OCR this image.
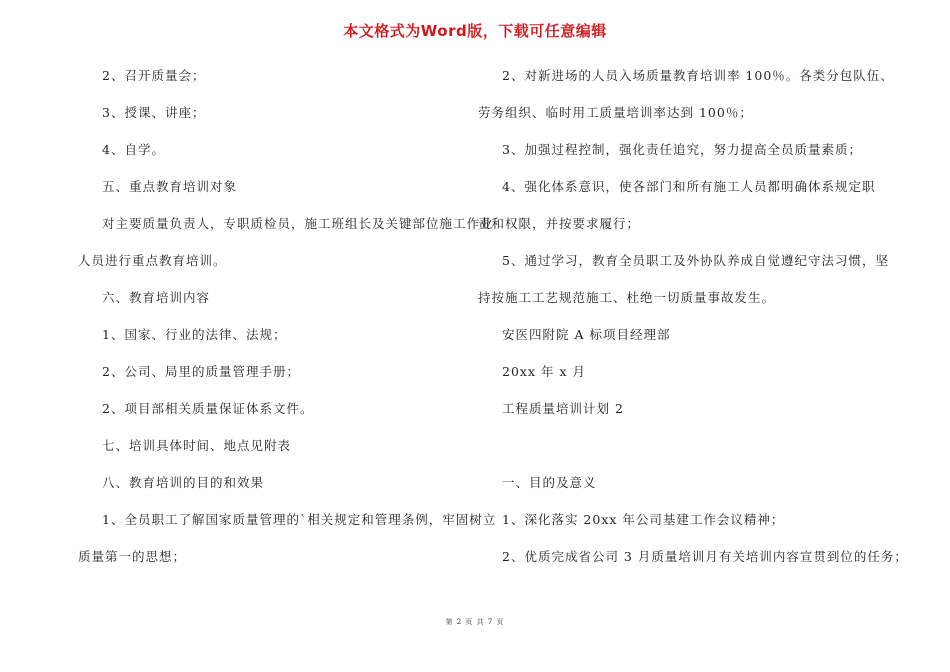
本文格式为Word版，下载可任意编辑
2、召开质量会；
3、授课、讲座；
4、自学。
五、重点教育培训对象
对主要质量负责人，专职质检员，施工班组长及关键部位施工作业
人员进行重点教育培训。
六、教育培训内容
1、国家、行业的法律、法规；
2、公司、局里的质量管理手册；
2、项目部相关质量保证体系文件。
七、培训具体时间、地点见附表
八、教育培训的目的和效果
1、全员职工了解国家质量管理的`相关规定和管理条例，牢固树立
质量第一的思想；
2、对新进场的人员入场质量教育培训率 100％。各类分包队伍、
劳务组织、临时用工质量培训率达到 100％；
3、加强过程控制，强化责任追究，努力提高全员质量素质；
4、强化体系意识，使各部门和所有施工人员都明确体系规定职
责和权限，并按要求履行；
5、通过学习，教育全员职工及外协队养成自觉遵纪守法习惯，坚
持按施工工艺规范施工、杜绝一切质量事故发生。
安医四附院 A 标项目经理部
20xx 年 x 月
工程质量培训计划 2
一、目的及意义
1、深化落实 20xx 年公司基建工作会议精神；
2、优质完成省公司 3 月质量培训月有关培训内容宣贯到位的任务；
第 2 页 共 7 页
